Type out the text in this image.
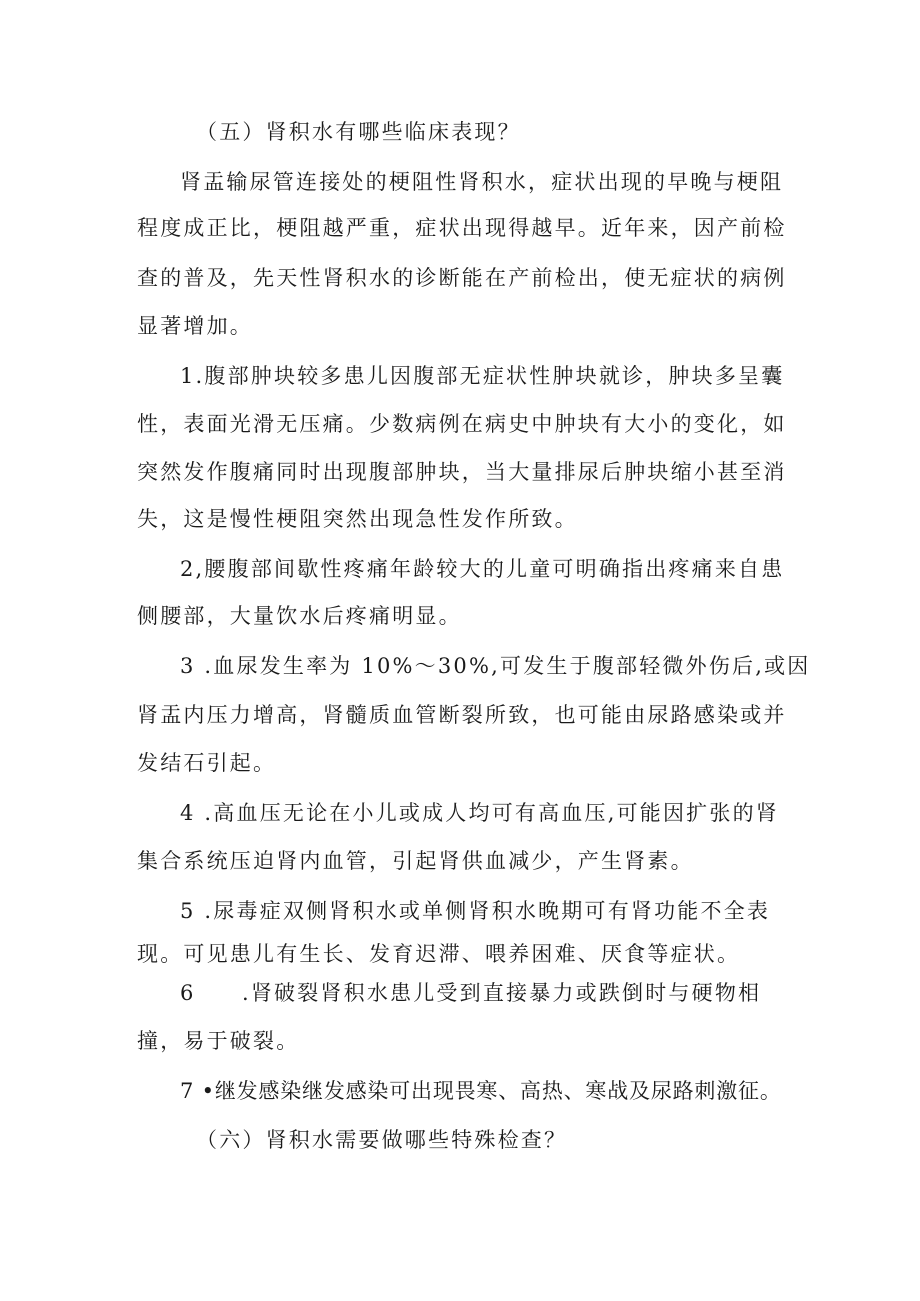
（五）肾积水有哪些临床表现？

肾盂输尿管连接处的梗阻性肾积水，症状出现的早晚与梗阻

程度成正比，梗阻越严重，症状出现得越早。近年来，因产前检

查的普及，先天性肾积水的诊断能在产前检出，使无症状的病例

显著增加。

1.腹部肿块较多患儿因腹部无症状性肿块就诊，肿块多呈囊

性，表面光滑无压痛。少数病例在病史中肿块有大小的变化，如

突然发作腹痛同时出现腹部肿块，当大量排尿后肿块缩小甚至消

失，这是慢性梗阻突然出现急性发作所致。

2,腰腹部间歇性疼痛年龄较大的儿童可明确指出疼痛来自患

侧腰部，大量饮水后疼痛明显。

3 .血尿发生率为 10%～30%,可发生于腹部轻微外伤后,或因

肾盂内压力增高，肾髓质血管断裂所致，也可能由尿路感染或并

发结石引起。

4 .高血压无论在小儿或成人均可有高血压,可能因扩张的肾

集合系统压迫肾内血管，引起肾供血减少，产生肾素。

5 .尿毒症双侧肾积水或单侧肾积水晚期可有肾功能不全表

现。可见患儿有生长、发育迟滞、喂养困难、厌食等症状。

6　　.肾破裂肾积水患儿受到直接暴力或跌倒时与硬物相

撞，易于破裂。

7 •继发感染继发感染可出现畏寒、高热、寒战及尿路刺激征。

（六）肾积水需要做哪些特殊检查？
